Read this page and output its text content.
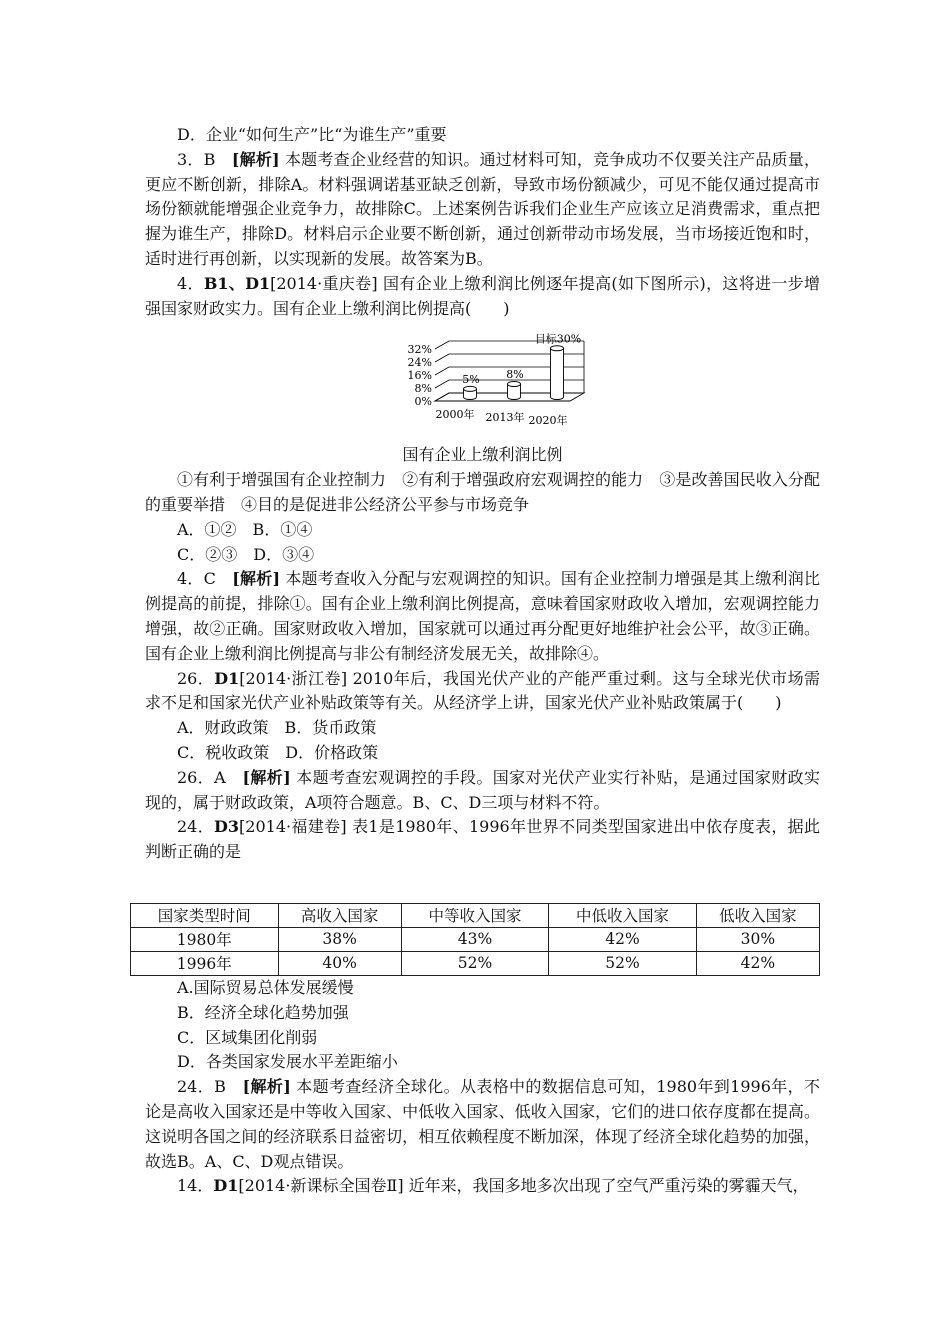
D．企业“如何生产”比“为谁生产”重要

3．B　[解析] 本题考查企业经营的知识。通过材料可知，竞争成功不仅要关注产品质量，更应不断创新，排除A。材料强调诺基亚缺乏创新，导致市场份额减少，可见不能仅通过提高市场份额就能增强企业竞争力，故排除C。上述案例告诉我们企业生产应该立足消费需求，重点把握为谁生产，排除D。材料启示企业要不断创新，通过创新带动市场发展，当市场接近饱和时，适时进行再创新，以实现新的发展。故答案为B。

4．B1、D1[2014·重庆卷] 国有企业上缴利润比例逐年提高(如下图所示)，这将进一步增强国家财政实力。国有企业上缴利润比例提高(　　)

32%
24%
16%
8%
0%
5%
2000年
8%
2013年
目标30%
2020年

国有企业上缴利润比例

①有利于增强国有企业控制力　②有利于增强政府宏观调控的能力　③是改善国民收入分配的重要举措　④目的是促进非公经济公平参与市场竞争

A．①②　B．①④

C．②③　D．③④

4．C　[解析] 本题考查收入分配与宏观调控的知识。国有企业控制力增强是其上缴利润比例提高的前提，排除①。国有企业上缴利润比例提高，意味着国家财政收入增加，宏观调控能力增强，故②正确。国家财政收入增加，国家就可以通过再分配更好地维护社会公平，故③正确。国有企业上缴利润比例提高与非公有制经济发展无关，故排除④。

26．D1[2014·浙江卷] 2010年后，我国光伏产业的产能严重过剩。这与全球光伏市场需求不足和国家光伏产业补贴政策等有关。从经济学上讲，国家光伏产业补贴政策属于(　　)

A．财政政策　B．货币政策

C．税收政策　D．价格政策

26．A　[解析] 本题考查宏观调控的手段。国家对光伏产业实行补贴，是通过国家财政实现的，属于财政政策，A项符合题意。B、C、D三项与材料不符。

24．D3[2014·福建卷] 表1是1980年、1996年世界不同类型国家进出中依存度表，据此判断正确的是

国家类型时间	高收入国家	中等收入国家	中低收入国家	低收入国家
1980年	38%	43%	42%	30%
1996年	40%	52%	52%	42%

A.国际贸易总体发展缓慢

B．经济全球化趋势加强

C．区域集团化削弱

D．各类国家发展水平差距缩小

24．B　[解析] 本题考查经济全球化。从表格中的数据信息可知，1980年到1996年，不论是高收入国家还是中等收入国家、中低收入国家、低收入国家，它们的进口依存度都在提高。这说明各国之间的经济联系日益密切，相互依赖程度不断加深，体现了经济全球化趋势的加强，故选B。A、C、D观点错误。

14．D1[2014·新课标全国卷Ⅱ] 近年来，我国多地多次出现了空气严重污染的雾霾天气，
